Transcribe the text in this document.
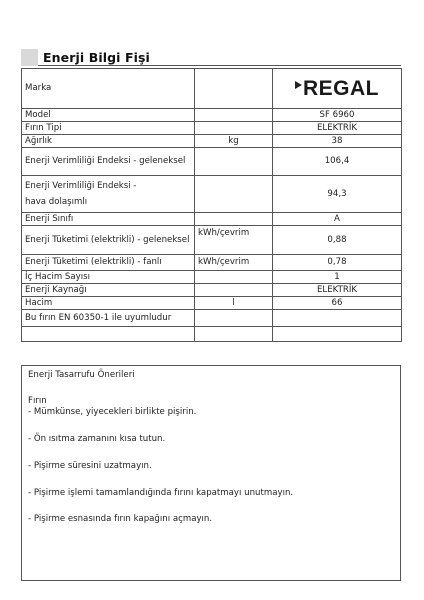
Enerji Bilgi Fişi
Marka		REGAL

Model		SF 6960
Fırın Tipi		ELEKTRİK
Ağırlık	kg	38
Enerji Verimliliği Endeksi - geleneksel		106,4

Enerji Verimliliği Endeksi -
hava dolaşımlı		94,3
Enerji Sınıfı		A
Enerji Tüketimi (elektrikli) - geleneksel	kWh/çevrim	0,88
Enerji Tüketimi (elektrikli) - fanlı	kWh/çevrim	0,78
İç Hacim Sayısı		1
Enerji Kaynağı		ELEKTRİK
Hacim	l	66
Bu fırın EN 60350-1 ile uyumludur		

Enerji Tasarrufu Önerileri
Fırın
- Mümkünse, yiyecekleri birlikte pişirin.
- Ön ısıtma zamanını kısa tutun.
- Pişirme süresini uzatmayın.
- Pişirme işlemi tamamlandığında fırını kapatmayı unutmayın.
- Pişirme esnasında fırın kapağını açmayın.
